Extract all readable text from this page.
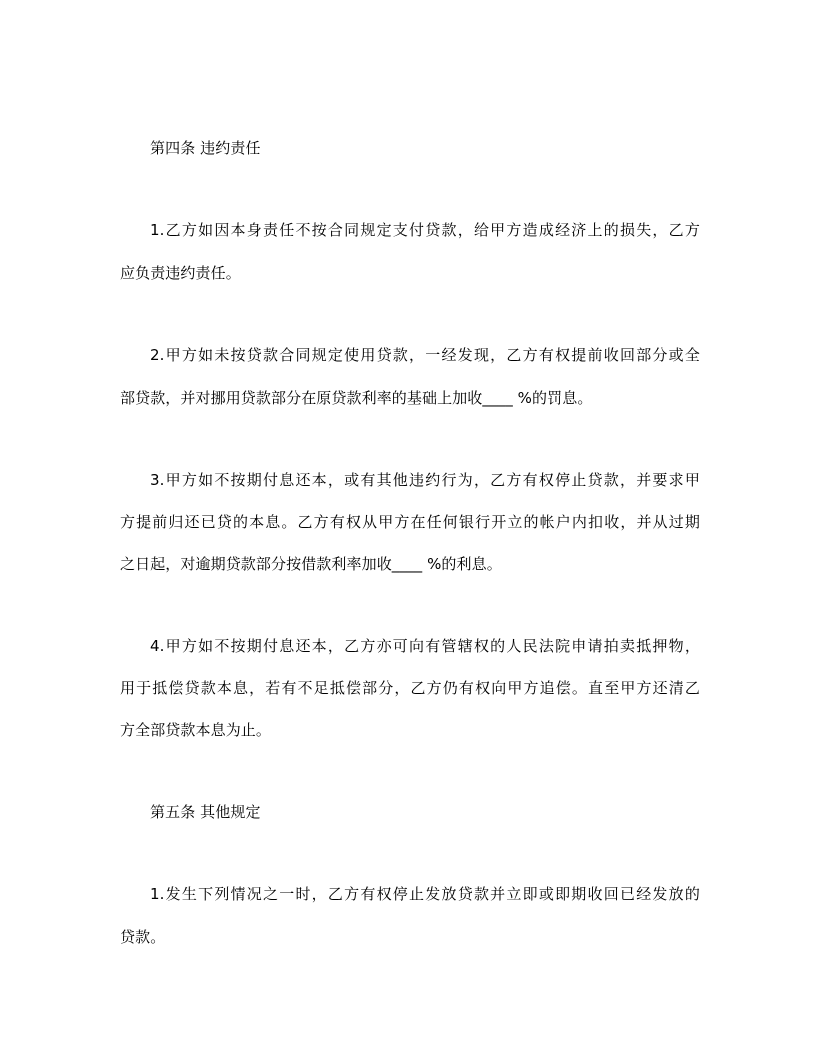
第四条 违约责任
1.乙方如因本身责任不按合同规定支付贷款，给甲方造成经济上的损失，乙方
应负责违约责任。
2.甲方如未按贷款合同规定使用贷款，一经发现，乙方有权提前收回部分或全
部贷款，并对挪用贷款部分在原贷款利率的基础上加收____ %的罚息。
3.甲方如不按期付息还本，或有其他违约行为，乙方有权停止贷款，并要求甲
方提前归还已贷的本息。乙方有权从甲方在任何银行开立的帐户内扣收，并从过期
之日起，对逾期贷款部分按借款利率加收____ %的利息。
4.甲方如不按期付息还本，乙方亦可向有管辖权的人民法院申请拍卖抵押物，
用于抵偿贷款本息，若有不足抵偿部分，乙方仍有权向甲方追偿。直至甲方还清乙
方全部贷款本息为止。
第五条 其他规定
1.发生下列情况之一时，乙方有权停止发放贷款并立即或即期收回已经发放的
贷款。
